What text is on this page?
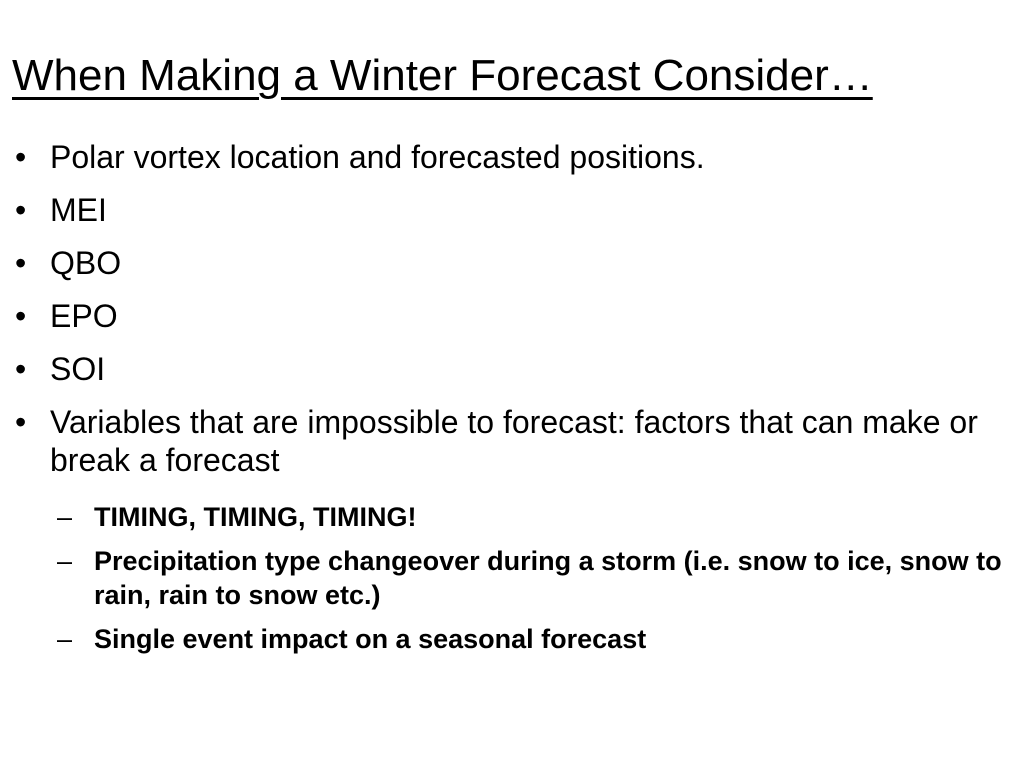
When Making a Winter Forecast Consider…
• Polar vortex location and forecasted positions.
• MEI
• QBO
• EPO
• SOI
• Variables that are impossible to forecast: factors that can make or break a forecast
– TIMING, TIMING, TIMING!
– Precipitation type changeover during a storm (i.e. snow to ice, snow to rain, rain to snow etc.)
– Single event impact on a seasonal forecast
